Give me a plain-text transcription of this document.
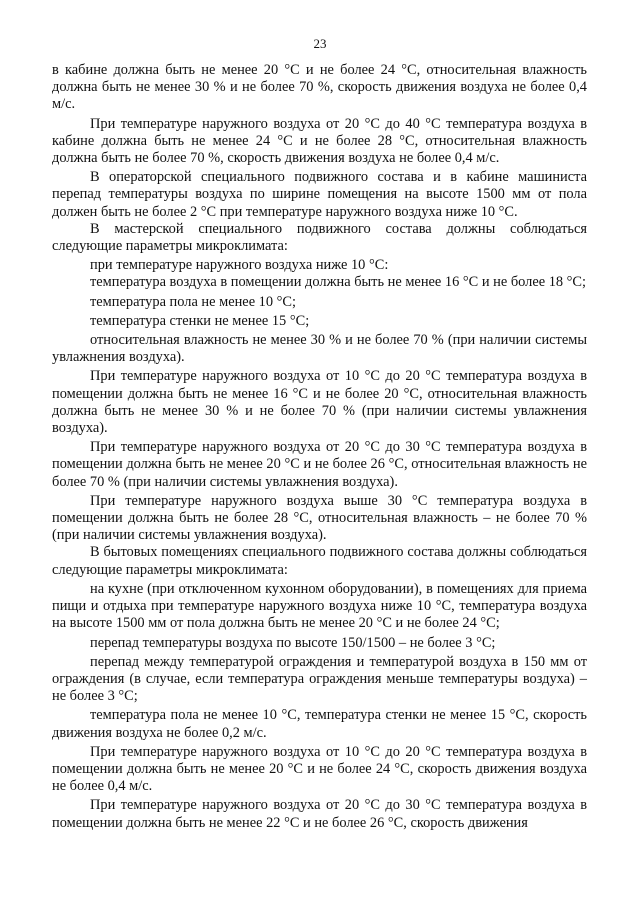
23

в кабине должна быть не менее 20 °С и не более 24 °С, относительная влажность должна быть не менее 30 % и не более 70 %, скорость движения воздуха не более 0,4 м/с.

При температуре наружного воздуха от 20 °С до 40 °С температура воздуха в кабине должна быть не менее 24 °С и не более 28 °С, относительная влажность должна быть не более 70 %, скорость движения воздуха не более 0,4 м/с.

В операторской специального подвижного состава и в кабине машиниста перепад температуры воздуха по ширине помещения на высоте 1500 мм от пола должен быть не более 2 °С при температуре наружного воздуха ниже 10 °С.

В мастерской специального подвижного состава должны соблюдаться следующие параметры микроклимата:

при температуре наружного воздуха ниже 10 °С:

температура воздуха в помещении должна быть не менее 16 °С и не более 18 °С;

температура пола не менее 10 °С;

температура стенки не менее 15 °С;

относительная влажность не менее 30 % и не более 70 % (при наличии системы увлажнения воздуха).

При температуре наружного воздуха от 10 °С до 20 °С температура воздуха в помещении должна быть не менее 16 °С и не более 20 °С, относительная влажность должна быть не менее 30 % и не более 70 % (при наличии системы увлажнения воздуха).

При температуре наружного воздуха от 20 °С до 30 °С температура воздуха в помещении должна быть не менее 20 °С и не более 26 °С, относительная влажность не более 70 % (при наличии системы увлажнения воздуха).

При температуре наружного воздуха выше 30 °С температура воздуха в помещении должна быть не более 28 °С, относительная влажность – не более 70 % (при наличии системы увлажнения воздуха).

В бытовых помещениях специального подвижного состава должны соблюдаться следующие параметры микроклимата:

на кухне (при отключенном кухонном оборудовании), в помещениях для приема пищи и отдыха при температуре наружного воздуха ниже 10 °С, температура воздуха на высоте 1500 мм от пола должна быть не менее 20 °С и не более 24 °С;

перепад температуры воздуха по высоте 150/1500 – не более 3 °С;

перепад между температурой ограждения и температурой воздуха в 150 мм от ограждения (в случае, если температура ограждения меньше температуры воздуха) – не более 3 °С;

температура пола не менее 10 °С, температура стенки не менее 15 °С, скорость движения воздуха не более 0,2 м/с.

При температуре наружного воздуха от 10 °С до 20 °С температура воздуха в помещении должна быть не менее 20 °С и не более 24 °С, скорость движения воздуха не более 0,4 м/с.

При температуре наружного воздуха от 20 °С до 30 °С температура воздуха в помещении должна быть не менее 22 °С и не более 26 °С, скорость движения
